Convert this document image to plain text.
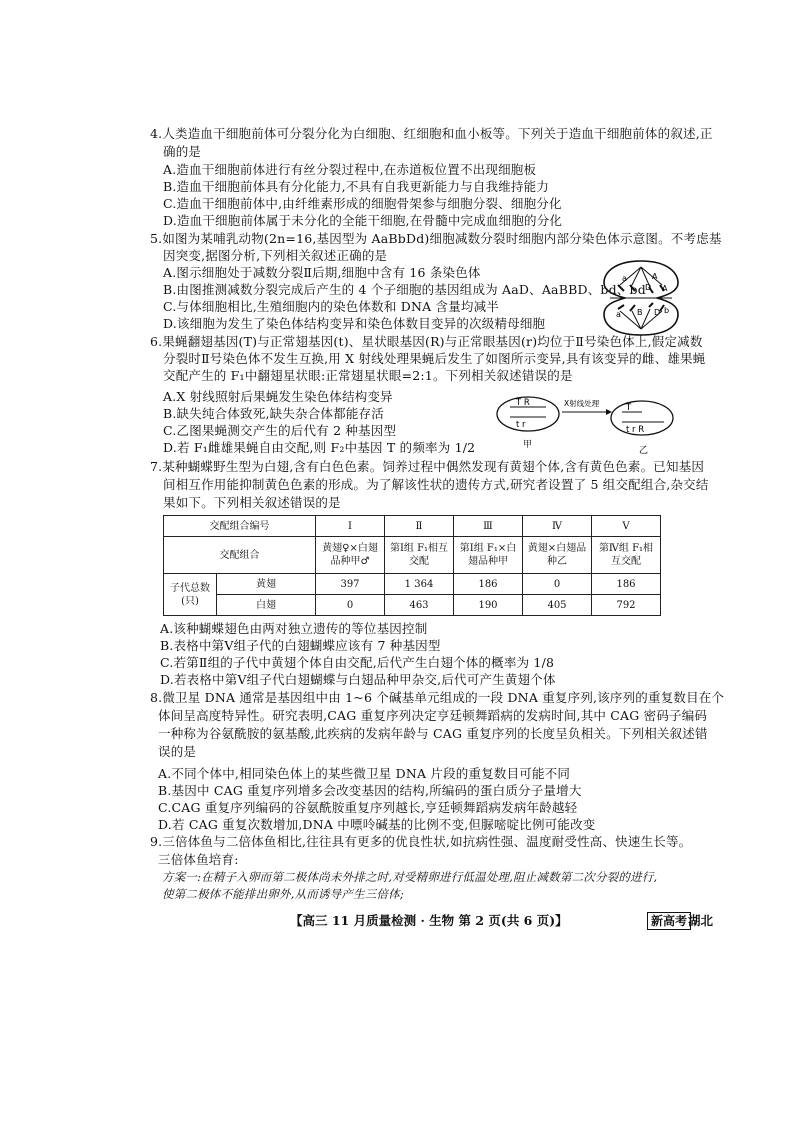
4.人类造血干细胞前体可分裂分化为白细胞、红细胞和血小板等。下列关于造血干细胞前体的叙述,正
确的是
A.造血干细胞前体进行有丝分裂过程中,在赤道板位置不出现细胞板
B.造血干细胞前体具有分化能力,不具有自我更新能力与自我维持能力
C.造血干细胞前体中,由纤维素形成的细胞骨架参与细胞分裂、细胞分化
D.造血干细胞前体属于未分化的全能干细胞,在骨髓中完成血细胞的分化
5.如图为某哺乳动物(2n=16,基因型为 AaBbDd)细胞减数分裂时细胞内部分染色体示意图。不考虑基
因突变,据图分析,下列相关叙述正确的是
A.图示细胞处于减数分裂Ⅱ后期,细胞中含有 16 条染色体
B.由图推测减数分裂完成后产生的 4 个子细胞的基因组成为 AaD、AaBBD、bd、bd
C.与体细胞相比,生殖细胞内的染色体数和 DNA 含量均减半
D.该细胞为发生了染色体结构变异和染色体数目变异的次级精母细胞
a	A
D A
a B D b
6.果蝇翻翅基因(T)与正常翅基因(t)、星状眼基因(R)与正常眼基因(r)均位于Ⅱ号染色体上,假定减数
分裂时Ⅱ号染色体不发生互换,用 X 射线处理果蝇后发生了如图所示变异,具有该变异的雌、雄果蝇
交配产生的 F₁中翻翅星状眼:正常翅星状眼=2:1。下列相关叙述错误的是
A.X 射线照射后果蝇发生染色体结构变异
B.缺失纯合体致死,缺失杂合体都能存活
C.乙图果蝇测交产生的后代有 2 种基因型
D.若 F₁雌雄果蝇自由交配,则 F₂中基因 T 的频率为 1/2
T R
t r
甲
X射线处理	T
t r R
乙
7.某种蝴蝶野生型为白翅,含有白色色素。饲养过程中偶然发现有黄翅个体,含有黄色色素。已知基因
间相互作用能抑制黄色色素的形成。为了解该性状的遗传方式,研究者设置了 5 组交配组合,杂交结
果如下。下列相关叙述错误的是
交配组合编号		Ⅰ	Ⅱ	Ⅲ	Ⅳ	Ⅴ
交配组合		黄翅♀×白翅品种甲♂	第Ⅰ组 F₁相互交配	第Ⅰ组 F₁×白翅品种甲	黄翅×白翅品种乙	第Ⅳ组 F₁相互交配
子代总数(只)	黄翅	397	1 364	186	0	186
	白翅	0	463	190	405	792
A.该种蝴蝶翅色由两对独立遗传的等位基因控制
B.表格中第Ⅴ组子代的白翅蝴蝶应该有 7 种基因型
C.若第Ⅱ组的子代中黄翅个体自由交配,后代产生白翅个体的概率为 1/8
D.若表格中第Ⅴ组子代白翅蝴蝶与白翅品种甲杂交,后代可产生黄翅个体
8.微卫星 DNA 通常是基因组中由 1~6 个碱基单元组成的一段 DNA 重复序列,该序列的重复数目在个
体间呈高度特异性。研究表明,CAG 重复序列决定亨廷顿舞蹈病的发病时间,其中 CAG 密码子编码
一种称为谷氨酰胺的氨基酸,此疾病的发病年龄与 CAG 重复序列的长度呈负相关。下列相关叙述错
误的是
A.不同个体中,相同染色体上的某些微卫星 DNA 片段的重复数目可能不同
B.基因中 CAG 重复序列增多会改变基因的结构,所编码的蛋白质分子量增大
C.CAG 重复序列编码的谷氨酰胺重复序列越长,亨廷顿舞蹈病发病年龄越轻
D.若 CAG 重复次数增加,DNA 中嘌呤碱基的比例不变,但脲嘧啶比例可能改变
9.三倍体鱼与二倍体鱼相比,往往具有更多的优良性状,如抗病性强、温度耐受性高、快速生长等。
三倍体鱼培育:
方案一:在精子入卵而第二极体尚未外排之时,对受精卵进行低温处理,阻止减数第二次分裂的进行,
使第二极体不能排出卵外,从而诱导产生三倍体;
【高三 11 月质量检测 · 生物 第 2 页(共 6 页)】	新高考 湖北
